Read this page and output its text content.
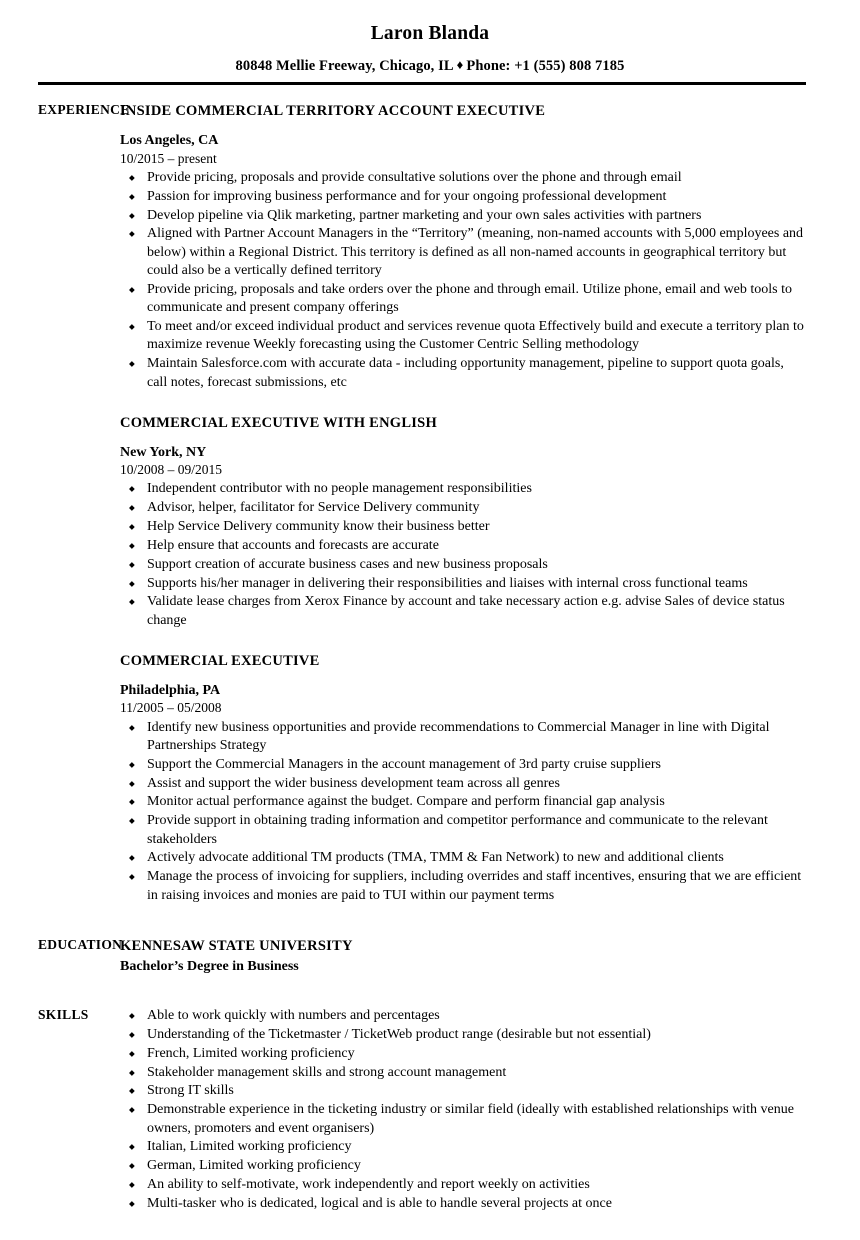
Laron Blanda
80848 Mellie Freeway, Chicago, IL ♦ Phone: +1 (555) 808 7185
EXPERIENCE
INSIDE COMMERCIAL TERRITORY ACCOUNT EXECUTIVE
Los Angeles, CA
10/2015 – present
◆ Provide pricing, proposals and provide consultative solutions over the phone and through email
◆ Passion for improving business performance and for your ongoing professional development
◆ Develop pipeline via Qlik marketing, partner marketing and your own sales activities with partners
◆ Aligned with Partner Account Managers in the “Territory” (meaning, non-named accounts with 5,000 employees and below) within a Regional District. This territory is defined as all non-named accounts in geographical territory but could also be a vertically defined territory
◆ Provide pricing, proposals and take orders over the phone and through email. Utilize phone, email and web tools to communicate and present company offerings
◆ To meet and/or exceed individual product and services revenue quota Effectively build and execute a territory plan to maximize revenue Weekly forecasting using the Customer Centric Selling methodology
◆ Maintain Salesforce.com with accurate data - including opportunity management, pipeline to support quota goals, call notes, forecast submissions, etc
COMMERCIAL EXECUTIVE WITH ENGLISH
New York, NY
10/2008 – 09/2015
◆ Independent contributor with no people management responsibilities
◆ Advisor, helper, facilitator for Service Delivery community
◆ Help Service Delivery community know their business better
◆ Help ensure that accounts and forecasts are accurate
◆ Support creation of accurate business cases and new business proposals
◆ Supports his/her manager in delivering their responsibilities and liaises with internal cross functional teams
◆ Validate lease charges from Xerox Finance by account and take necessary action e.g. advise Sales of device status change
COMMERCIAL EXECUTIVE
Philadelphia, PA
11/2005 – 05/2008
◆ Identify new business opportunities and provide recommendations to Commercial Manager in line with Digital Partnerships Strategy
◆ Support the Commercial Managers in the account management of 3rd party cruise suppliers
◆ Assist and support the wider business development team across all genres
◆ Monitor actual performance against the budget. Compare and perform financial gap analysis
◆ Provide support in obtaining trading information and competitor performance and communicate to the relevant stakeholders
◆ Actively advocate additional TM products (TMA, TMM & Fan Network) to new and additional clients
◆ Manage the process of invoicing for suppliers, including overrides and staff incentives, ensuring that we are efficient in raising invoices and monies are paid to TUI within our payment terms
EDUCATION
KENNESAW STATE UNIVERSITY
Bachelor’s Degree in Business
SKILLS	◆ Able to work quickly with numbers and percentages
◆ Understanding of the Ticketmaster / TicketWeb product range (desirable but not essential)
◆ French, Limited working proficiency
◆ Stakeholder management skills and strong account management
◆ Strong IT skills
◆ Demonstrable experience in the ticketing industry or similar field (ideally with established relationships with venue owners, promoters and event organisers)
◆ Italian, Limited working proficiency
◆ German, Limited working proficiency
◆ An ability to self-motivate, work independently and report weekly on activities
◆ Multi-tasker who is dedicated, logical and is able to handle several projects at once
